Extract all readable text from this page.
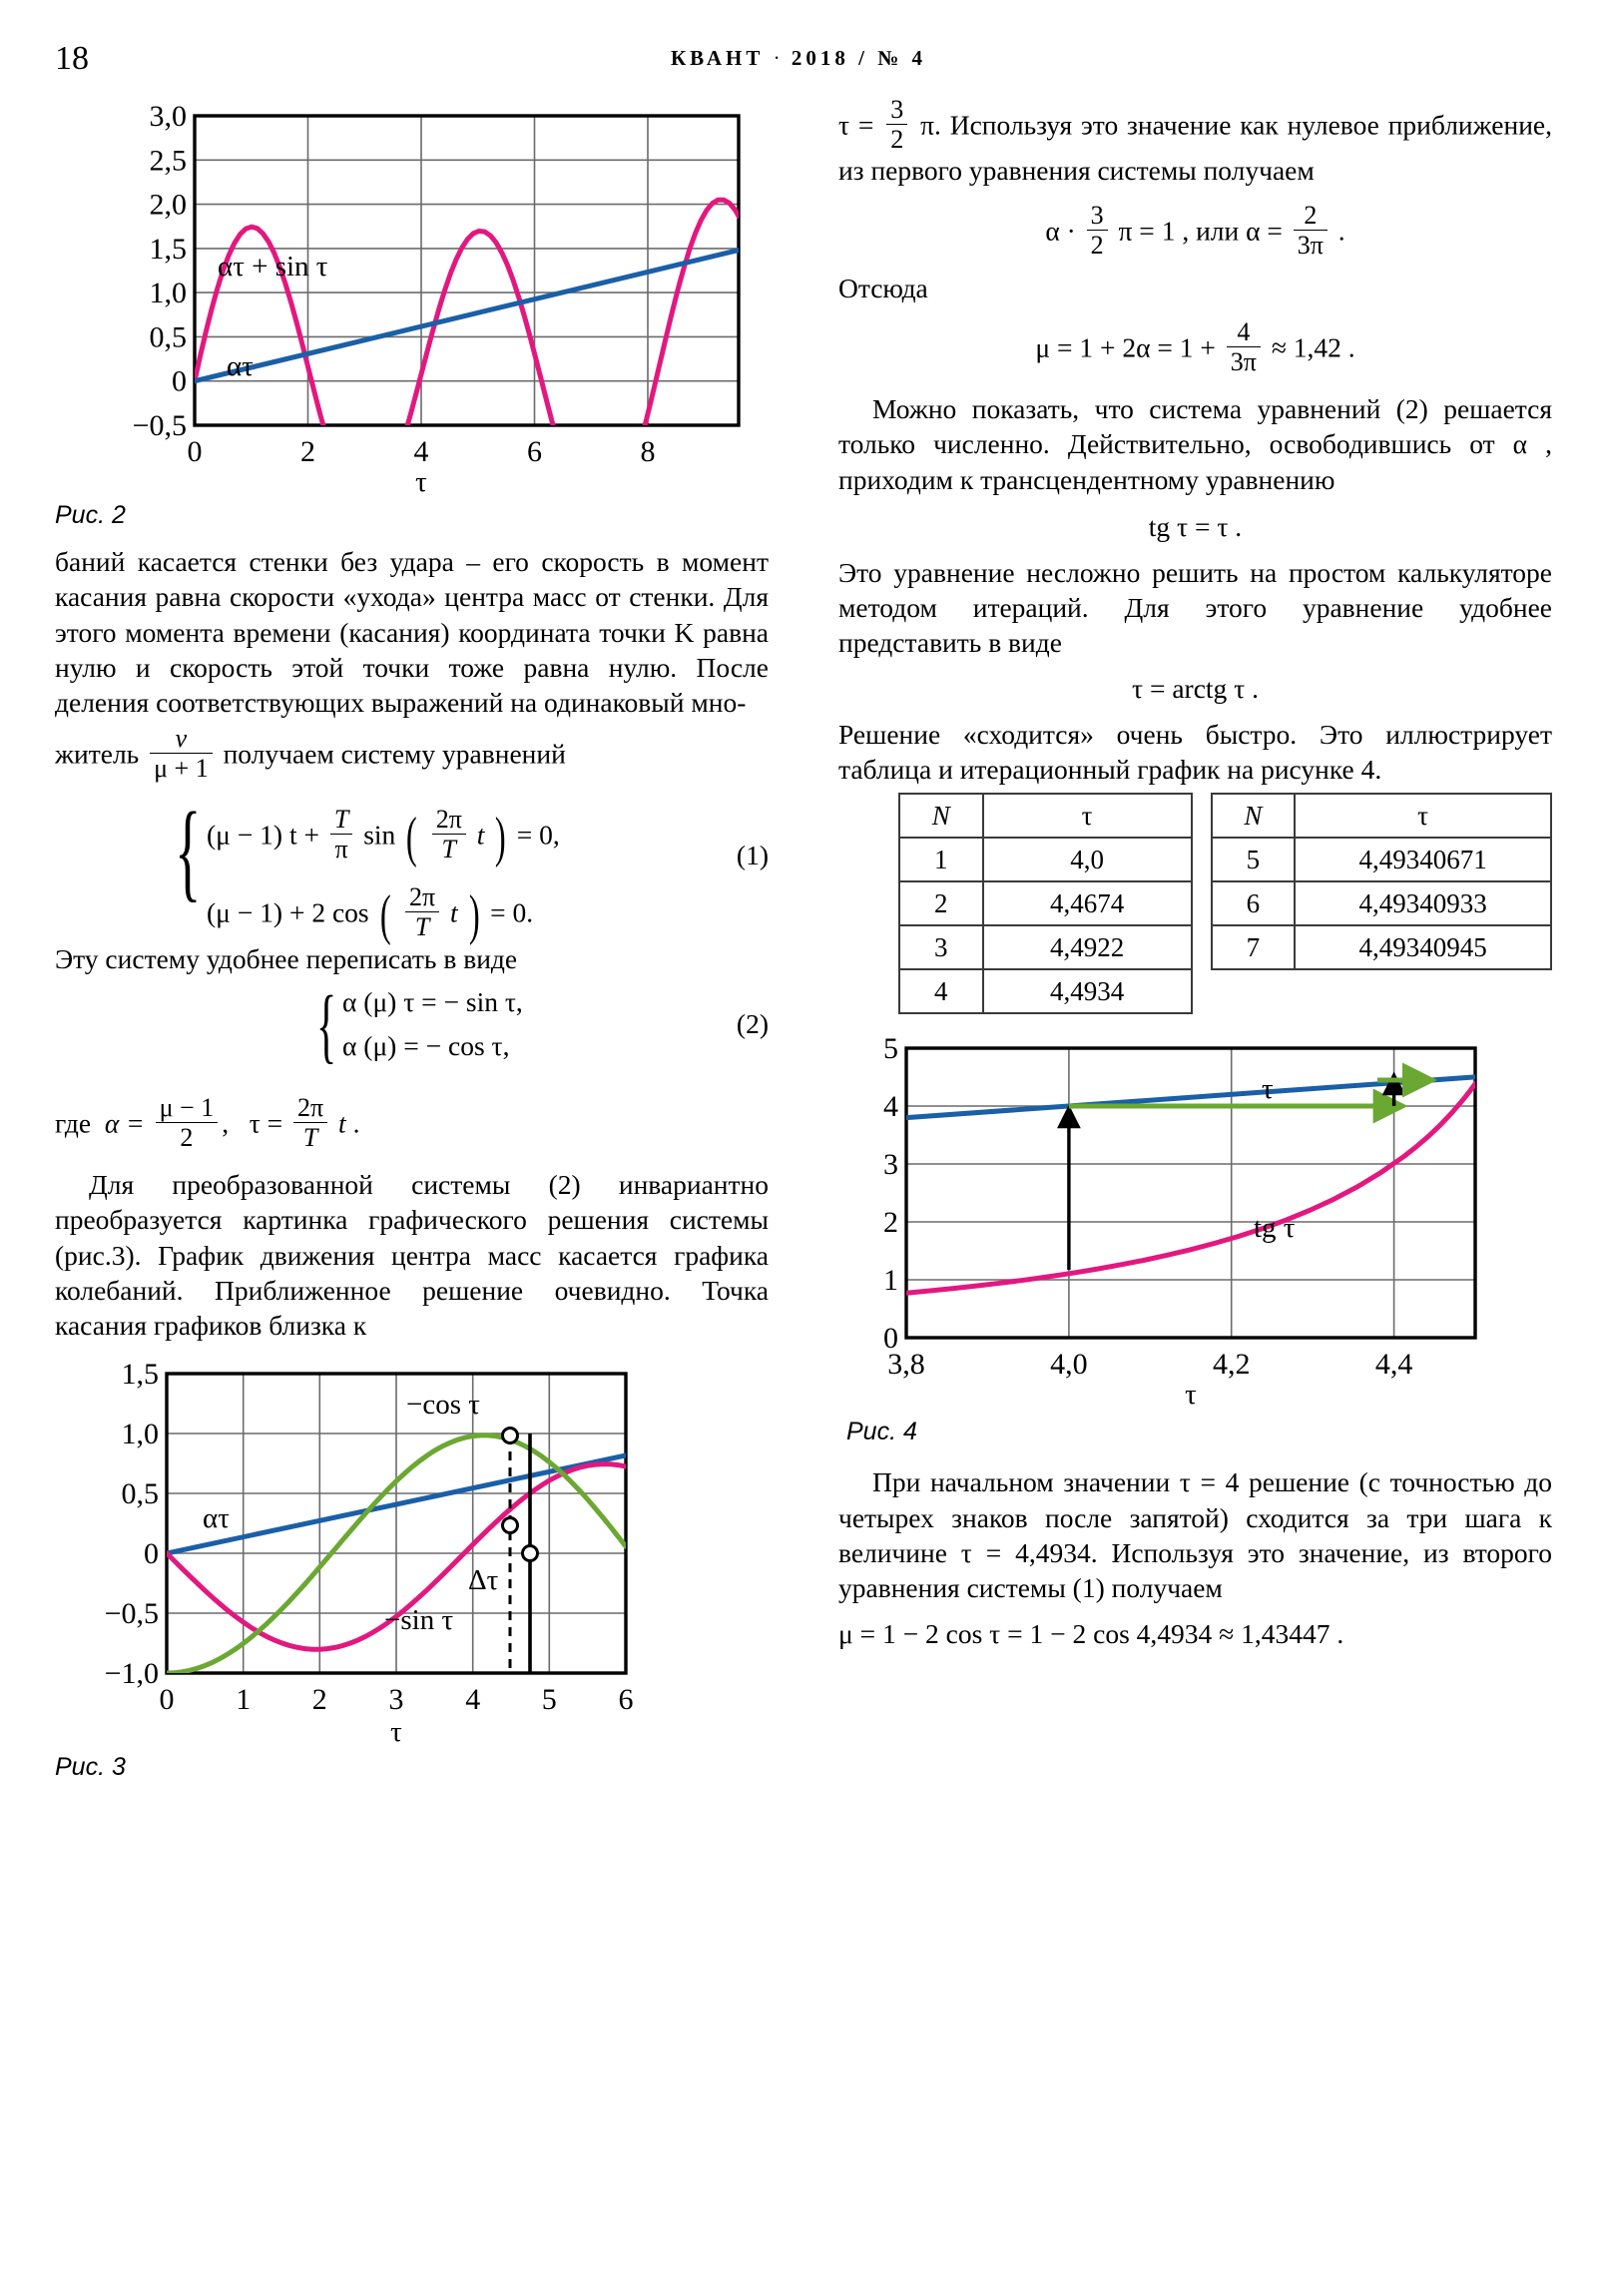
18	КВАНТ · 2018 / № 4
ατ + sin τ
ατ
3,0
2,5
2,0
1,5
1,0
0,5
0
−0,5
0	2	4	6	8
τ
Рис. 2

баний касается стенки без удара – его скорость в момент касания равна скорости «ухода» центра масс от стенки. Для этого момента времени (касания) координата точки K равна нулю и скорость этой точки тоже равна нулю. После деления соответствующих выражений на одинаковый мно-

житель $\frac{v}{\mu + 1}$ получаем систему уравнений

{ (μ − 1) $t + \frac{T}{\pi}$ sin ( $\frac{2\pi}{T}$ t ) = 0,
(μ − 1) + 2 cos ( $\frac{2\pi}{T}$ t ) = 0.
(1)

Эту систему удобнее переписать в виде

{ α (μ) τ = − sin τ,
α (μ) = − cos τ,
(2)

где $\alpha = \frac{\mu - 1}{2}$ ,   $\tau = \frac{2\pi}{T}$ t .

Для преобразованной системы (2) инвариантно преобразуется картинка графического решения системы (рис.3). График движения центра масс касается графика колебаний. Приближенное решение очевидно. Точка касания графиков близка к

−cos τ
ατ
−sin τ
Δτ
1,5
1,0
0,5
0
−0,5
−1,0
0 1 2 3 4 5 6
τ
Рис. 3

$\tau = \frac{3}{2} \pi$. Используя это значение как нулевое приближение, из первого уравнения системы получаем

$\alpha \cdot \frac{3}{2}$ π = 1 , или $\alpha = \frac{2}{3\pi}$ .

Отсюда

$\mu = 1 + 2\alpha = 1 + \frac{4}{3\pi} \approx 1,42$ .

Можно показать, что система уравнений (2) решается только численно. Действительно, освободившись от α , приходим к трансцендентному уравнению

tg τ = τ .

Это уравнение несложно решить на простом калькуляторе методом итераций. Для этого уравнение удобнее представить в виде

τ = arctg τ .

Решение «сходится» очень быстро. Это иллюстрирует таблица и итерационный график на рисунке 4.

N	τ
1	4,0
2	4,4674
3	4,4922
4	4,4934
N	τ
5	4,49340671
6	4,49340933
7	4,49340945
τ
tg τ
5
4
3
2
1
0
3,8	4,0	4,2	4,4
τ
Рис. 4

При начальном значении τ = 4 решение (с точностью до четырех знаков после запятой) сходится за три шага к величине τ = 4,4934. Используя это значение, из второго уравнения системы (1) получаем

μ = 1 − 2 cos τ = 1 − 2 cos 4,4934 ≈ 1,43447 .
